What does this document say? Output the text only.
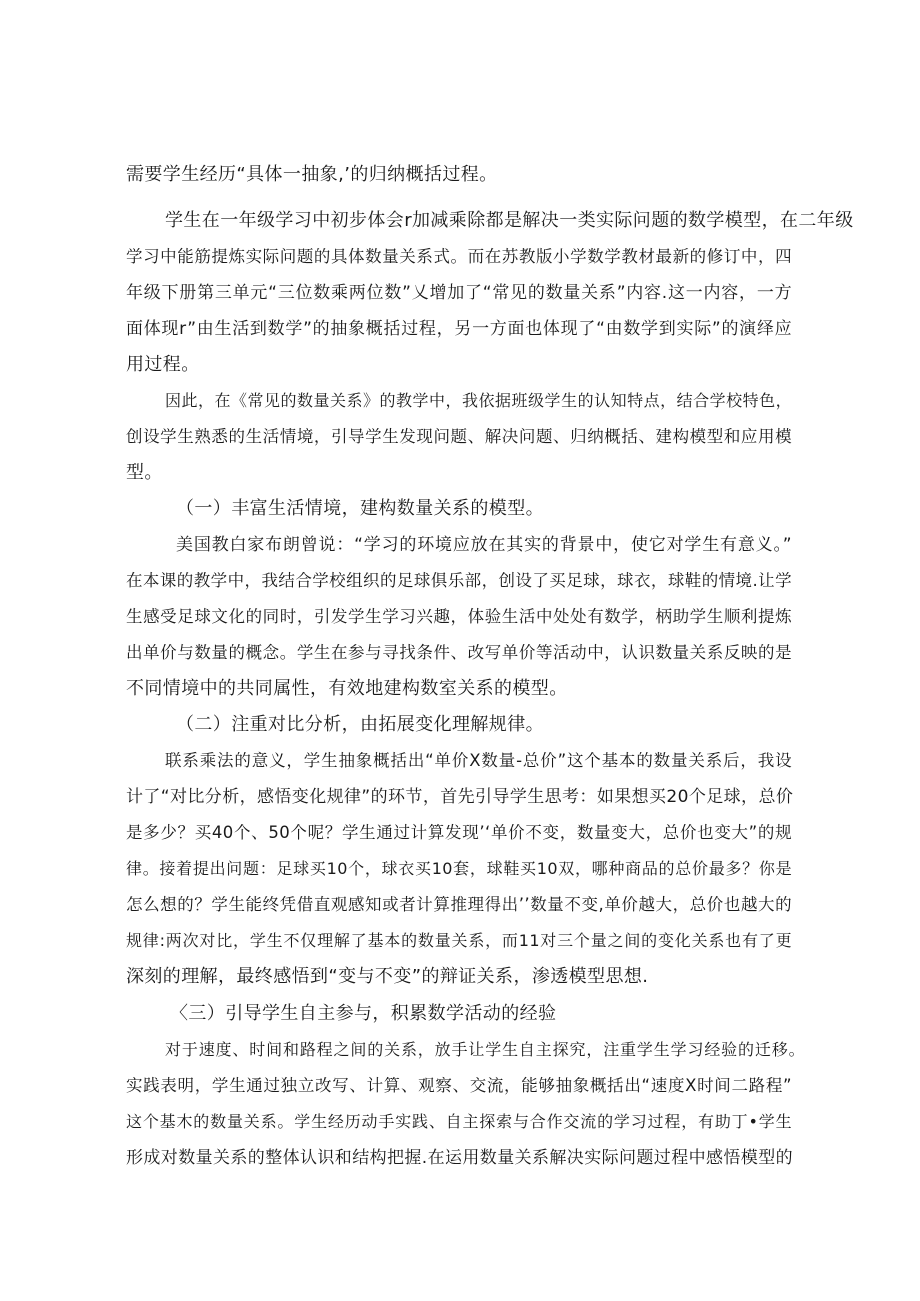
需要学生经历“具体一抽象,’的归纳概括过程。
学生在一年级学习中初步体会r加减乘除都是解决一类实际问题的数学模型，在二年级
学习中能筋提炼实际问题的具体数量关系式。而在苏教版小学数学教材最新的修订中，四
年级下册第三单元“三位数乘两位数”乂增加了“常见的数量关系”内容.这一内容，一方
面体现r”由生活到数学”的抽象概括过程，另一方面也体现了“由数学到实际”的演绎应
用过程。
因此，在《常见的数量关系》的教学中，我依据班级学生的认知特点，结合学校特色，
创设学生熟悉的生活情境，引导学生发现问题、解决问题、归纳概括、建构模型和应用模
型。
（一）丰富生活情境，建构数量关系的模型。
美国教白家布朗曾说：“学习的环境应放在其实的背景中，使它对学生有意义。”
在本课的教学中，我结合学校组织的足球俱乐部，创设了买足球，球衣，球鞋的情境.让学
生感受足球文化的同时，引发学生学习兴趣，体验生活中处处有数学，柄助学生顺利提炼
出单价与数量的概念。学生在参与寻找条件、改写单价等活动中，认识数量关系反映的是
不同情境中的共同属性，有效地建构数室关系的模型。
（二）注重对比分析，由拓展变化理解规律。
联系乘法的意义，学生抽象概括出“单价X数量-总价”这个基本的数量关系后，我设
计了“对比分析，感悟变化规律”的环节，首先引导学生思考：如果想买20个足球，总价
是多少？买40个、50个呢？学生通过计算发现’‘单价不变，数量变大，总价也变大”的规
律。接着提出问题：足球买10个，球衣买10套，球鞋买10双，哪种商品的总价最多？你是
怎么想的？学生能终凭借直观感知或者计算推理得出’’数量不变,单价越大，总价也越大的
规律:两次对比，学生不仅理解了基本的数量关系，而11对三个量之间的变化关系也有了更
深刻的理解，最终感悟到“变与不变”的辩证关系，渗透模型思想.
〈三）引导学生自主参与，积累数学活动的经验
对于速度、时间和路程之间的关系，放手让学生自主探究，注重学生学习经验的迁移。
实践表明，学生通过独立改写、计算、观察、交流，能够抽象概括出“速度X时间二路程”
这个基木的数量关系。学生经历动手实践、自主探索与合作交流的学习过程，有助丁•学生
形成对数量关系的整体认识和结构把握.在运用数量关系解决实际问题过程中感悟模型的
